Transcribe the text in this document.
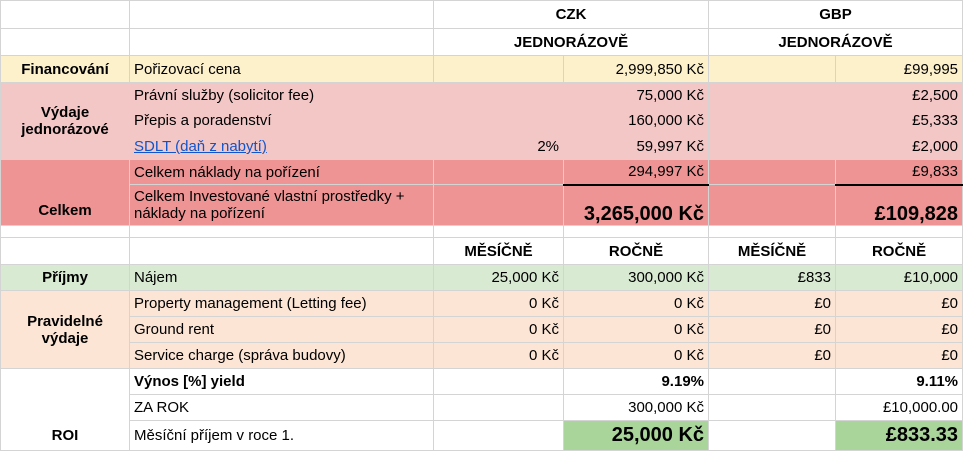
		CZK		GBP	
		JEDNORÁZOVĚ		JEDNORÁZOVĚ	
Financování	Pořizovací cena		2,999,850 Kč		£99,995
Výdaje jednorázové	Právní služby (solicitor fee)		75,000 Kč		£2,500
	Přepis a poradenství		160,000 Kč		£5,333
	SDLT (daň z nabytí)	2%	59,997 Kč		£2,000
Celkem	Celkem náklady na pořízení		294,997 Kč		£9,833
	Celkem Investované vlastní prostředky + náklady na pořízení		3,265,000 Kč		£109,828

		MĚSÍČNĚ	ROČNĚ	MĚSÍČNĚ	ROČNĚ
Příjmy	Nájem	25,000 Kč	300,000 Kč	£833	£10,000
Pravidelné výdaje	Property management (Letting fee)	0 Kč	0 Kč	£0	£0
	Ground rent	0 Kč	0 Kč	£0	£0
	Service charge (správa budovy)	0 Kč	0 Kč	£0	£0
ROI	Výnos [%] yield		9.19%		9.11%
	ZA ROK		300,000 Kč		£10,000.00
	Měsíční příjem v roce 1.		25,000 Kč		£833.33
